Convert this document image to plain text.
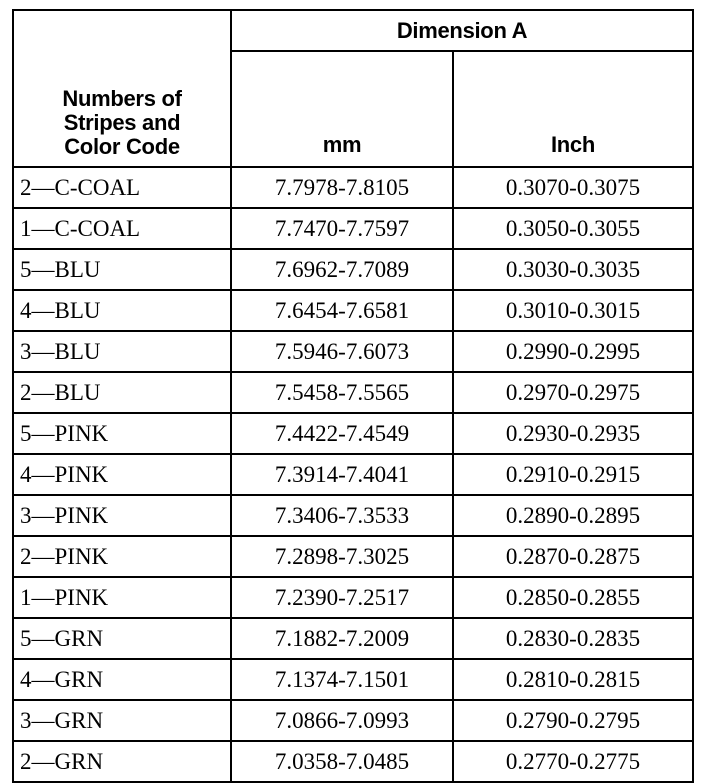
Numbers of
Stripes and
Color Code	Dimension A	
	mm	Inch
2—C-COAL	7.7978-7.8105	0.3070-0.3075
1—C-COAL	7.7470-7.7597	0.3050-0.3055
5—BLU	7.6962-7.7089	0.3030-0.3035
4—BLU	7.6454-7.6581	0.3010-0.3015
3—BLU	7.5946-7.6073	0.2990-0.2995
2—BLU	7.5458-7.5565	0.2970-0.2975
5—PINK	7.4422-7.4549	0.2930-0.2935
4—PINK	7.3914-7.4041	0.2910-0.2915
3—PINK	7.3406-7.3533	0.2890-0.2895
2—PINK	7.2898-7.3025	0.2870-0.2875
1—PINK	7.2390-7.2517	0.2850-0.2855
5—GRN	7.1882-7.2009	0.2830-0.2835
4—GRN	7.1374-7.1501	0.2810-0.2815
3—GRN	7.0866-7.0993	0.2790-0.2795
2—GRN	7.0358-7.0485	0.2770-0.2775
